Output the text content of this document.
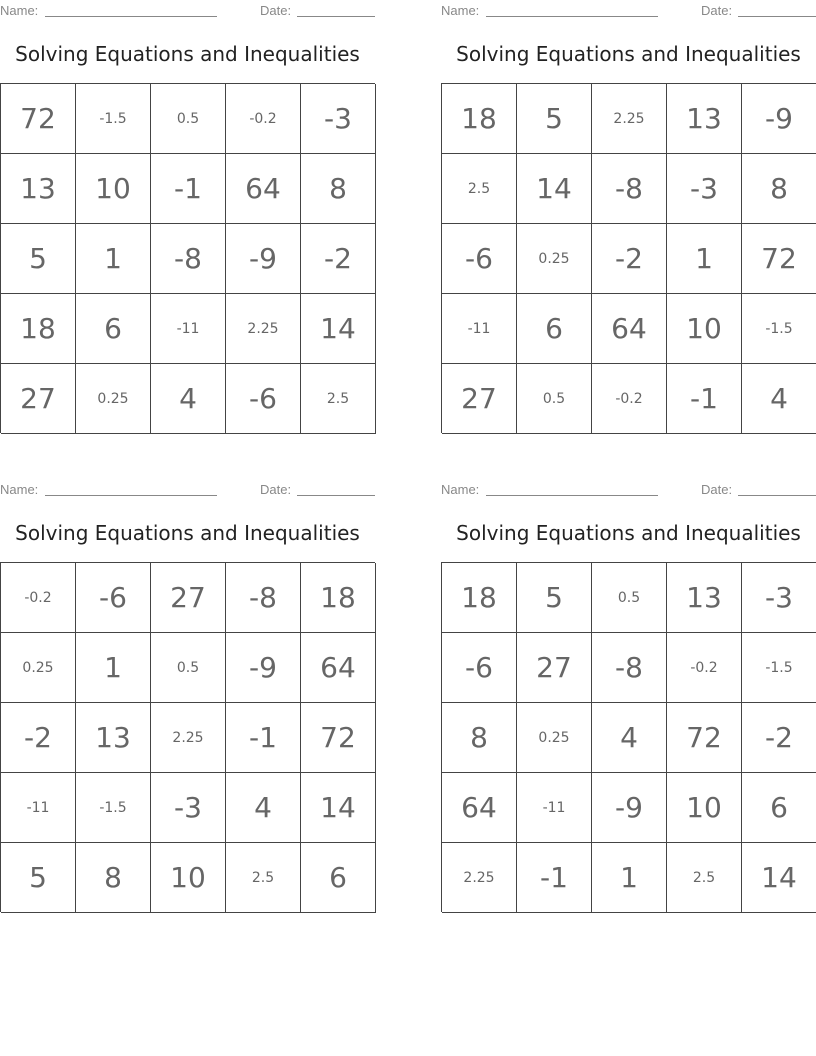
Name:	Date:
Solving Equations and Inequalities
72	-1.5	0.5	-0.2	-3
13	10	-1	64	8
5	1	-8	-9	-2
18	6	-11	2.25	14
27	0.25	4	-6	2.5
Name:	Date:
Solving Equations and Inequalities
18	5	2.25	13	-9
2.5	14	-8	-3	8
-6	0.25	-2	1	72
-11	6	64	10	-1.5
27	0.5	-0.2	-1	4
Name:	Date:
Solving Equations and Inequalities
-0.2	-6	27	-8	18
0.25	1	0.5	-9	64
-2	13	2.25	-1	72
-11	-1.5	-3	4	14
5	8	10	2.5	6
Name:	Date:
Solving Equations and Inequalities
18	5	0.5	13	-3
-6	27	-8	-0.2	-1.5
8	0.25	4	72	-2
64	-11	-9	10	6
2.25	-1	1	2.5	14
